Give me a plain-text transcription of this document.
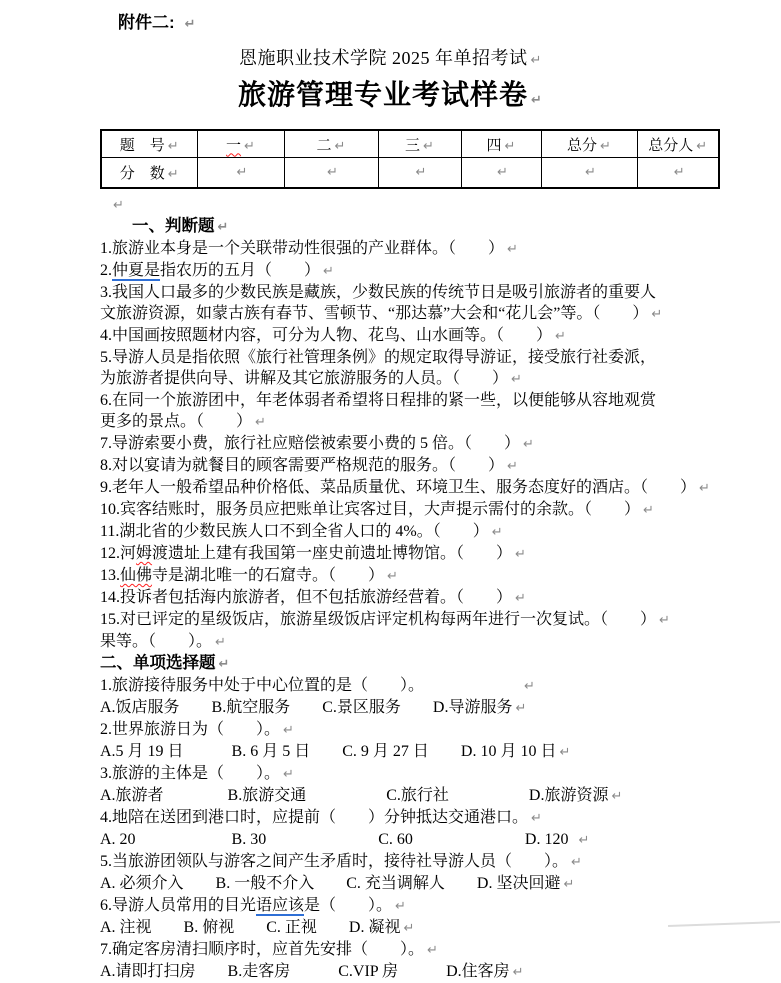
附件二: ↵
恩施职业技术学院 2025 年单招考试 ↵
旅游管理专业考试样卷 ↵
题　号 ↵	一 ↵	二 ↵	三 ↵	四 ↵	总分 ↵	总分人 ↵
分　数 ↵	↵	↵	↵	↵	↵	↵

↵

一、判断题 ↵

1.旅游业本身是一个关联带动性很强的产业群体。（　　） ↵

2.仲夏是指农历的五月（　　） ↵

3.我国人口最多的少数民族是藏族，少数民族的传统节日是吸引旅游者的重要人

文旅游资源，如蒙古族有春节、雪顿节、“那达慕”大会和“花儿会”等。（　　） ↵

4.中国画按照题材内容，可分为人物、花鸟、山水画等。（　　） ↵

5.导游人员是指依照《旅行社管理条例》的规定取得导游证，接受旅行社委派，

为旅游者提供向导、讲解及其它旅游服务的人员。（　　） ↵

6.在同一个旅游团中，年老体弱者希望将日程排的紧一些，以便能够从容地观赏

更多的景点。（　　） ↵

7.导游索要小费，旅行社应赔偿被索要小费的 5 倍。（　　） ↵

8.对以宴请为就餐目的顾客需要严格规范的服务。（　　） ↵

9.老年人一般希望品种价格低、菜品质量优、环境卫生、服务态度好的酒店。（　　） ↵

10.宾客结账时，服务员应把账单让宾客过目，大声提示需付的余款。（　　） ↵

11.湖北省的少数民族人口不到全省人口的 4%。（　　） ↵

12.河姆渡遗址上建有我国第一座史前遗址博物馆。（　　） ↵

13.仙佛寺是湖北唯一的石窟寺。（　　） ↵

14.投诉者包括海内旅游者，但不包括旅游经营着。（　　） ↵

15.对已评定的星级饭店，旅游星级饭店评定机构每两年进行一次复试。（　　） ↵

果等。（　　）。 ↵

二、单项选择题 ↵

1.旅游接待服务中处于中心位置的是（　　）。	↵

A.饭店服务　　B.航空服务　　C.景区服务　　D.导游服务 ↵

2.世界旅游日为（　　）。 ↵

A.5 月 19 日　　　B. 6 月 5 日　　C. 9 月 27 日　　D. 10 月 10 日 ↵

3.旅游的主体是（　　）。 ↵

A.旅游者　　　　B.旅游交通　　　　　C.旅行社　　　　　D.旅游资源 ↵

4.地陪在送团到港口时，应提前（　　）分钟抵达交通港口。 ↵

A. 20　　　　　　B. 30　　　　　　　C. 60　　　　　　　D. 120 ↵

5.当旅游团领队与游客之间产生矛盾时，接待社导游人员（　　）。 ↵

A. 必须介入　　B. 一般不介入　　C. 充当调解人　　D. 坚决回避 ↵

6.导游人员常用的目光语应该是（　　）。 ↵

A. 注视　　B. 俯视　　C. 正视　　D. 凝视 ↵

7.确定客房清扫顺序时，应首先安排（　　）。 ↵

A.请即打扫房　　B.走客房　　　C.VIP 房　　　D.住客房 ↵
